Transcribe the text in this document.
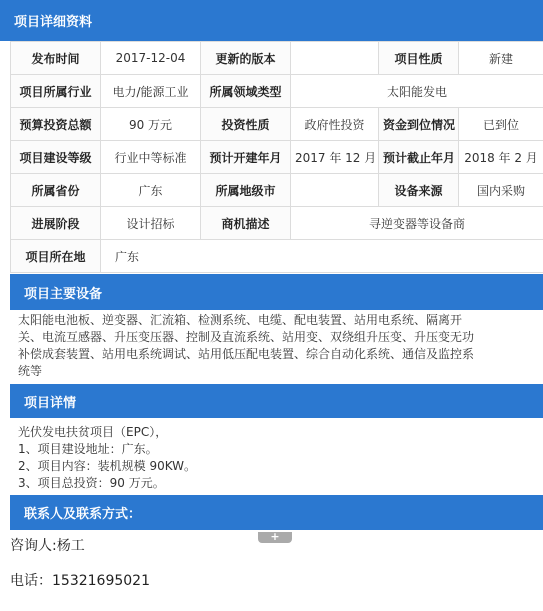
项目详细资料
发布时间	2017-12-04	更新的版本		项目性质	新建
项目所属行业	电力/能源工业	所属领域类型	太阳能发电		
预算投资总额	90 万元	投资性质	政府性投资	资金到位情况	已到位
项目建设等级	行业中等标准	预计开建年月	2017 年 12 月	预计截止年月	2018 年 2 月
所属省份	广东	所属地级市		设备来源	国内采购
进展阶段	设计招标	商机描述	寻逆变器等设备商		
项目所在地	广东				
项目主要设备
太阳能电池板、逆变器、汇流箱、检测系统、电缆、配电装置、站用电系统、隔离开
关、电流互感器、升压变压器、控制及直流系统、站用变、双绕组升压变、升压变无功
补偿成套装置、站用电系统调试、站用低压配电装置、综合自动化系统、通信及监控系
统等
项目详情
光伏发电扶贫项目（EPC），
1、项目建设地址：广东。
2、项目内容：装机规模 90KW。
3、项目总投资：90 万元。
联系人及联系方式：
+
咨询人:杨工
电话：15321695021
